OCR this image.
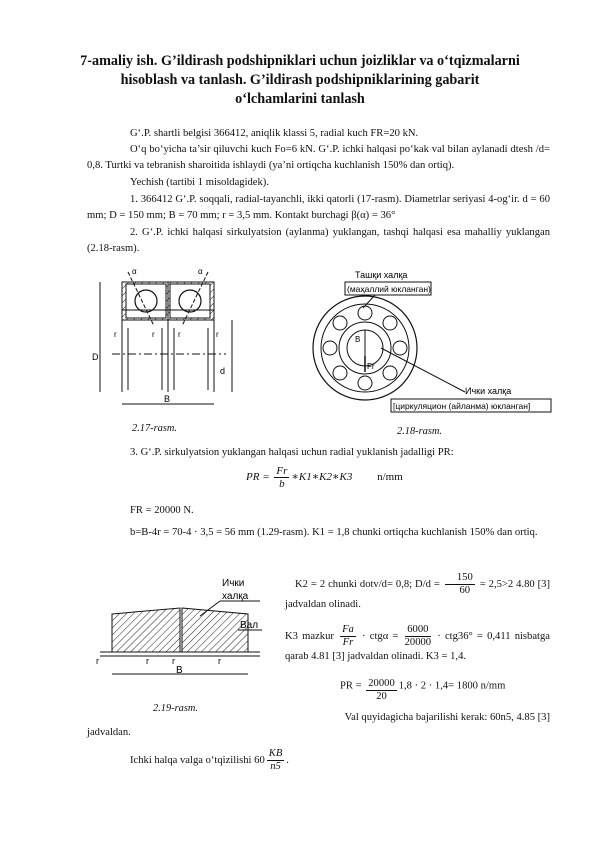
7-amaliy ish. G’ildirash podshipniklari uchun joizliklar va o‘tqizmalarni hisoblash va tanlash. G’ildirash podshipniklarining gabarit o‘lchamlarini tanlash
G‘.P. shartli belgisi 366412, aniqlik klassi 5, radial kuch FR=20 kN.
O‘q bo‘yicha ta’sir qiluvchi kuch Fo=6 kN. G‘.P. ichki halqasi po‘kak val bilan aylanadi dtesh /d= 0,8. Turtki va tebranish sharoitida ishlaydi (ya’ni ortiqcha kuchlanish 150% dan ortiq).
Yechish (tartibi 1 misoldagidek).
1. 366412 G‘.P. soqqali, radial-tayanchli, ikki qatorli (17-rasm). Diametrlar seriyasi 4-og‘ir. d = 60 mm; D = 150 mm; B = 70 mm; r = 3,5 mm. Kontakt burchagi β(α) = 36°
2. G‘.P. ichki halqasi sirkulyatsion (aylanma) yuklangan, tashqi halqasi esa mahalliy yuklangan (2.18-rasm).
α	α
r	r	r	r
D
d
B
2.17-rasm.
B
Fr
Ташқи халқа
(маҳаллий юкланган)
Ички халқа
[циркуляцион (айланма) юкланган]
2.18-rasm.
3. G‘.P. sirkulyatsion yuklangan halqasi uchun radial yuklanish jadalligi PR:
PR = $\frac{Fr}{b}$ ∗K1∗K2∗K3 n/mm
FR = 20000 N.
b=B-4r = 70-4 · 3,5 = 56 mm (1.29-rasm). K1 = 1,8 chunki ortiqcha kuchlanish 150% dan ortiq.
Ички
халқа
Вал
r	r	r	r
B
2.19-rasm.
K2 = 2 chunki dotv/d= 0,8; $D/d = \frac{150}{60} = 2,5>2$ 4.80 [3] jadvaldan olinadi.
K3 mazkur $\frac{Fa}{Fr} \cdot ctg\alpha = \frac{6000}{20000} \cdot ctg36^\circ = 0,411$ nisbatga qarab 4.81 [3] jadvaldan olinadi. K3 = 1,4.
PR = $\frac{20000}{20} 1,8 \cdot 2 \cdot 1,4= 1800$ n/mm
Val quyidagicha bajarilishi kerak: 60n5, 4.85 [3]
jadvaldan.
Ichki halqa valga o‘tqizilishi $60 \frac{KB}{n5}$ .
